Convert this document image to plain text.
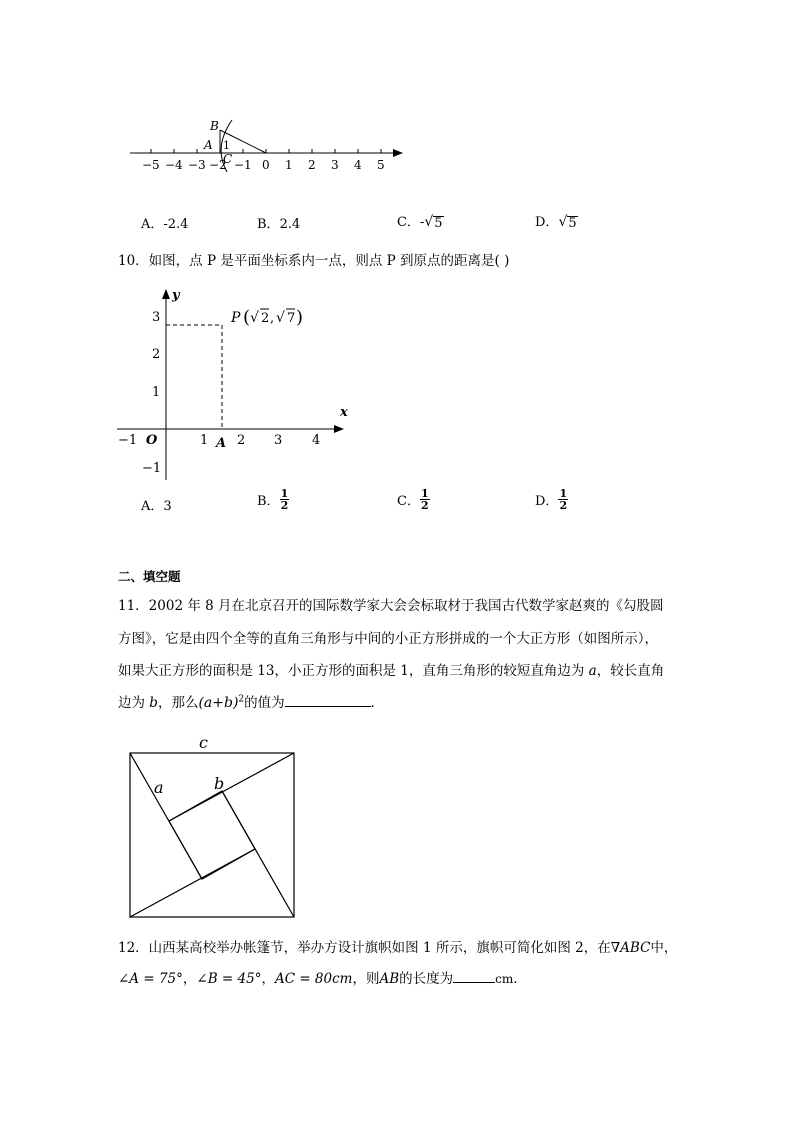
−5 −4 −3 −1 0 1 2 3 4 5
−2
B
A 1
C
A．-2.4	B．2.4	C．- √ 5	D． √ 5
10．如图，点 P 是平面坐标系内一点，则点 P 到原点的距离是( )
−1	1 2 3 4
3
2
1
−1
y
x
O	A
P ( √ 2 , √ 7 )
A．3	B． $\frac{1}{2}$	C． $\frac{1}{2}$	D． $\frac{1}{2}$
二、填空题
11．2002 年 8 月在北京召开的国际数学家大会会标取材于我国古代数学家赵爽的《勾股圆
方图》，它是由四个全等的直角三角形与中间的小正方形拼成的一个大正方形（如图所示），
如果大正方形的面积是 13，小正方形的面积是 1，直角三角形的较短直角边为 a，较长直角
边为 b，那么$(a+b)^2$的值为	．
c
a	b
12．山西某高校举办帐篷节，举办方设计旗帜如图 1 所示，旗帜可简化如图 2，在∇ABC中，
∠A = 75°，∠B = 45°，AC = 80cm，则AB的长度为	cm．
